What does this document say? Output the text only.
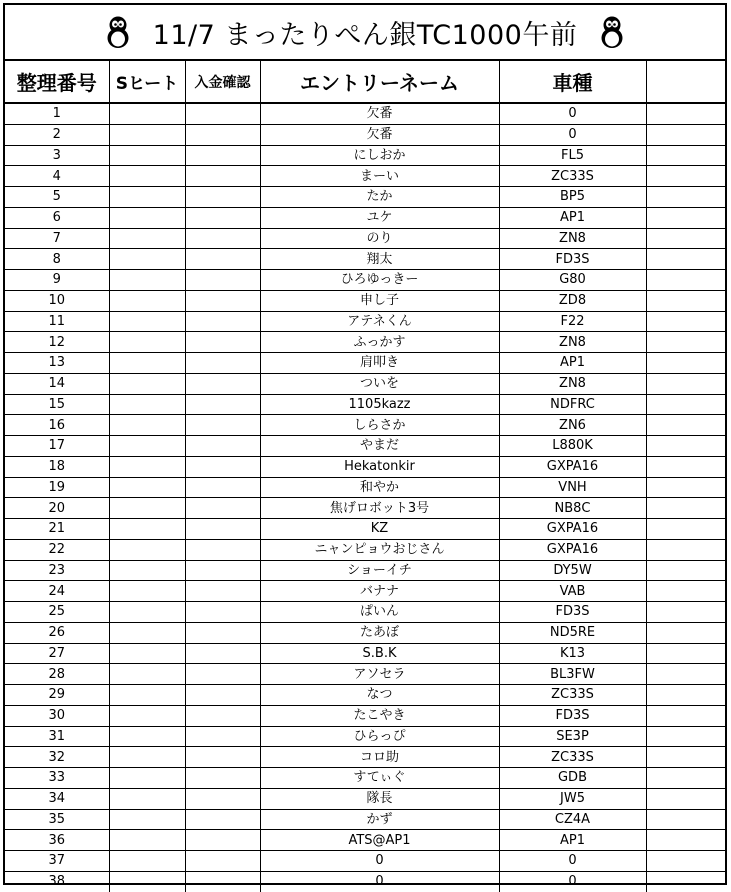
11/7 まったりぺん銀TC1000午前
整理番号	Sヒート	入金確認	エントリーネーム	車種	
1			欠番	0	
2			欠番	0	
3			にしおか	FL5	
4			まーい	ZC33S	
5			たか	BP5	
6			ユケ	AP1	
7			のり	ZN8	
8			翔太	FD3S	
9			ひろゆっきー	G80	
10			申し子	ZD8	
11			アテネくん	F22	
12			ふっかす	ZN8	
13			肩叩き	AP1	
14			ついを	ZN8	
15			1105kazz	NDFRC	
16			しらさか	ZN6	
17			やまだ	L880K	
18			Hekatonkir	GXPA16	
19			和やか	VNH	
20			焦げロボット3号	NB8C	
21			KZ	GXPA16	
22			ニャンピョウおじさん	GXPA16	
23			ショーイチ	DY5W	
24			バナナ	VAB	
25			ぱいん	FD3S	
26			たあぼ	ND5RE	
27			S.B.K	K13	
28			アソセラ	BL3FW	
29			なつ	ZC33S	
30			たこやき	FD3S	
31			ひらっぴ	SE3P	
32			コロ助	ZC33S	
33			すてぃぐ	GDB	
34			隊長	JW5	
35			かず	CZ4A	
36			ATS@AP1	AP1	
37			0	0	
38			0	0	
